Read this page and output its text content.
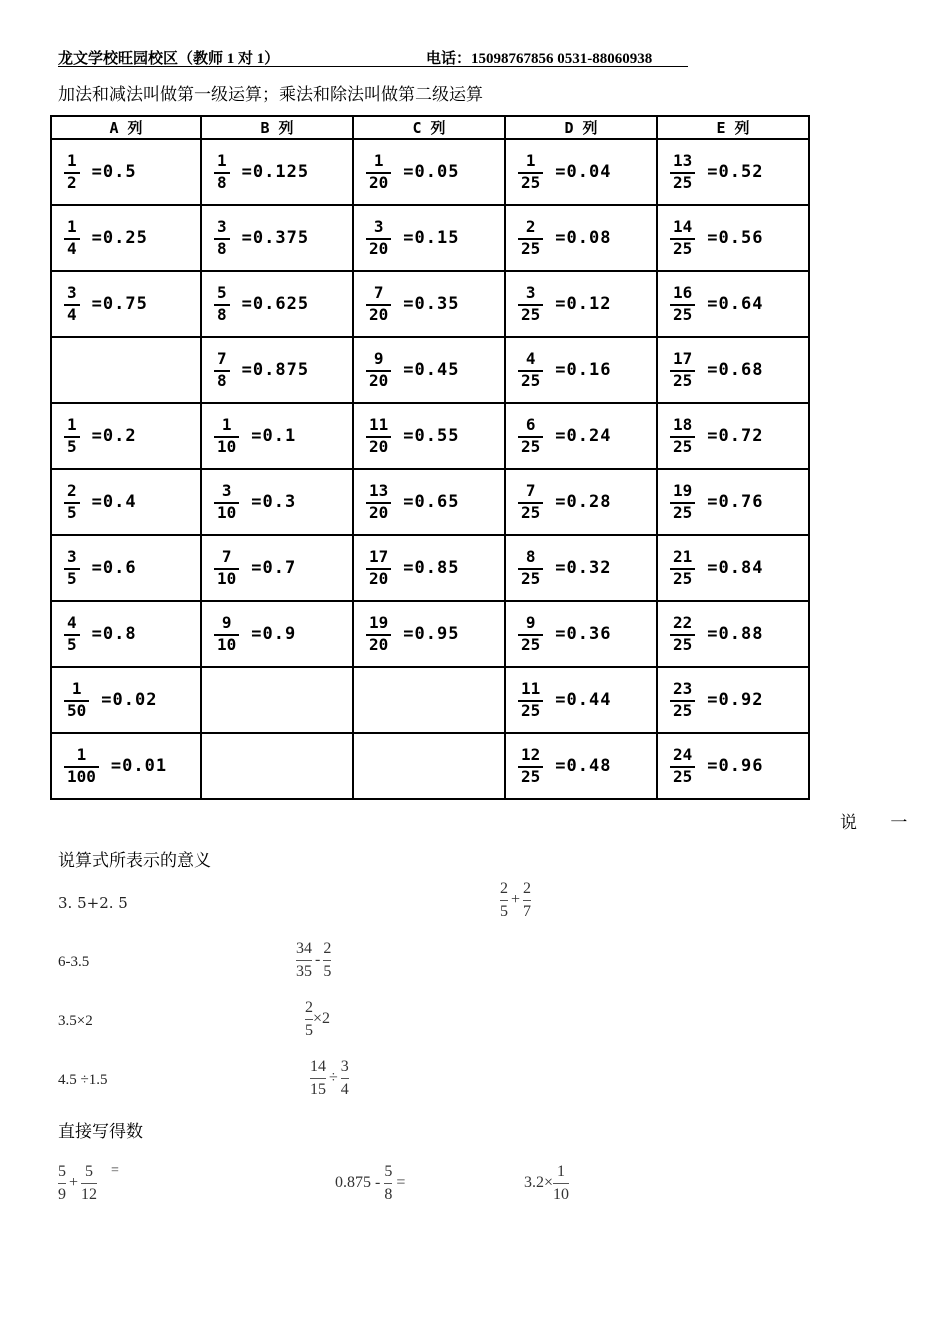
龙文学校旺园校区（教师 1 对 1）	电话：15098767856 0531-88060938
加法和减法叫做第一级运算；乘法和除法叫做第二级运算
A 列	B 列	C 列	D 列	E 列

$\frac{1}{2} =0.5$	$\frac{1}{8} =0.125$	$\frac{1}{20} =0.05$	$\frac{1}{25} =0.04$	$\frac{13}{25} =0.52$

$\frac{1}{4} =0.25$	$\frac{3}{8} =0.375$	$\frac{3}{20} =0.15$	$\frac{2}{25} =0.08$	$\frac{14}{25} =0.56$

$\frac{3}{4} =0.75$	$\frac{5}{8} =0.625$	$\frac{7}{20} =0.35$	$\frac{3}{25} =0.12$	$\frac{16}{25} =0.64$

	$\frac{7}{8} =0.875$	$\frac{9}{20} =0.45$	$\frac{4}{25} =0.16$	$\frac{17}{25} =0.68$

$\frac{1}{5} =0.2$	$\frac{1}{10} =0.1$	$\frac{11}{20} =0.55$	$\frac{6}{25} =0.24$	$\frac{18}{25} =0.72$

$\frac{2}{5} =0.4$	$\frac{3}{10} =0.3$	$\frac{13}{20} =0.65$	$\frac{7}{25} =0.28$	$\frac{19}{25} =0.76$

$\frac{3}{5} =0.6$	$\frac{7}{10} =0.7$	$\frac{17}{20} =0.85$	$\frac{8}{25} =0.32$	$\frac{21}{25} =0.84$

$\frac{4}{5} =0.8$	$\frac{9}{10} =0.9$	$\frac{19}{20} =0.95$	$\frac{9}{25} =0.36$	$\frac{22}{25} =0.88$

$\frac{1}{50} =0.02$			$\frac{11}{25} =0.44$	$\frac{23}{25} =0.92$

$\frac{1}{100} =0.01$			$\frac{12}{25} =0.48$	$\frac{24}{25} =0.96$
说 一
说算式所表示的意义
3. 5+2. 5
2
5
+
2
7
6-3.5
34
35
-
2
5
3.5×2
2
5
×2
4.5 ÷1.5
14
15
÷
3
4
直接写得数
5
9
+
5
12
=
0.875 -
5
8
=	3.2×
1
10
